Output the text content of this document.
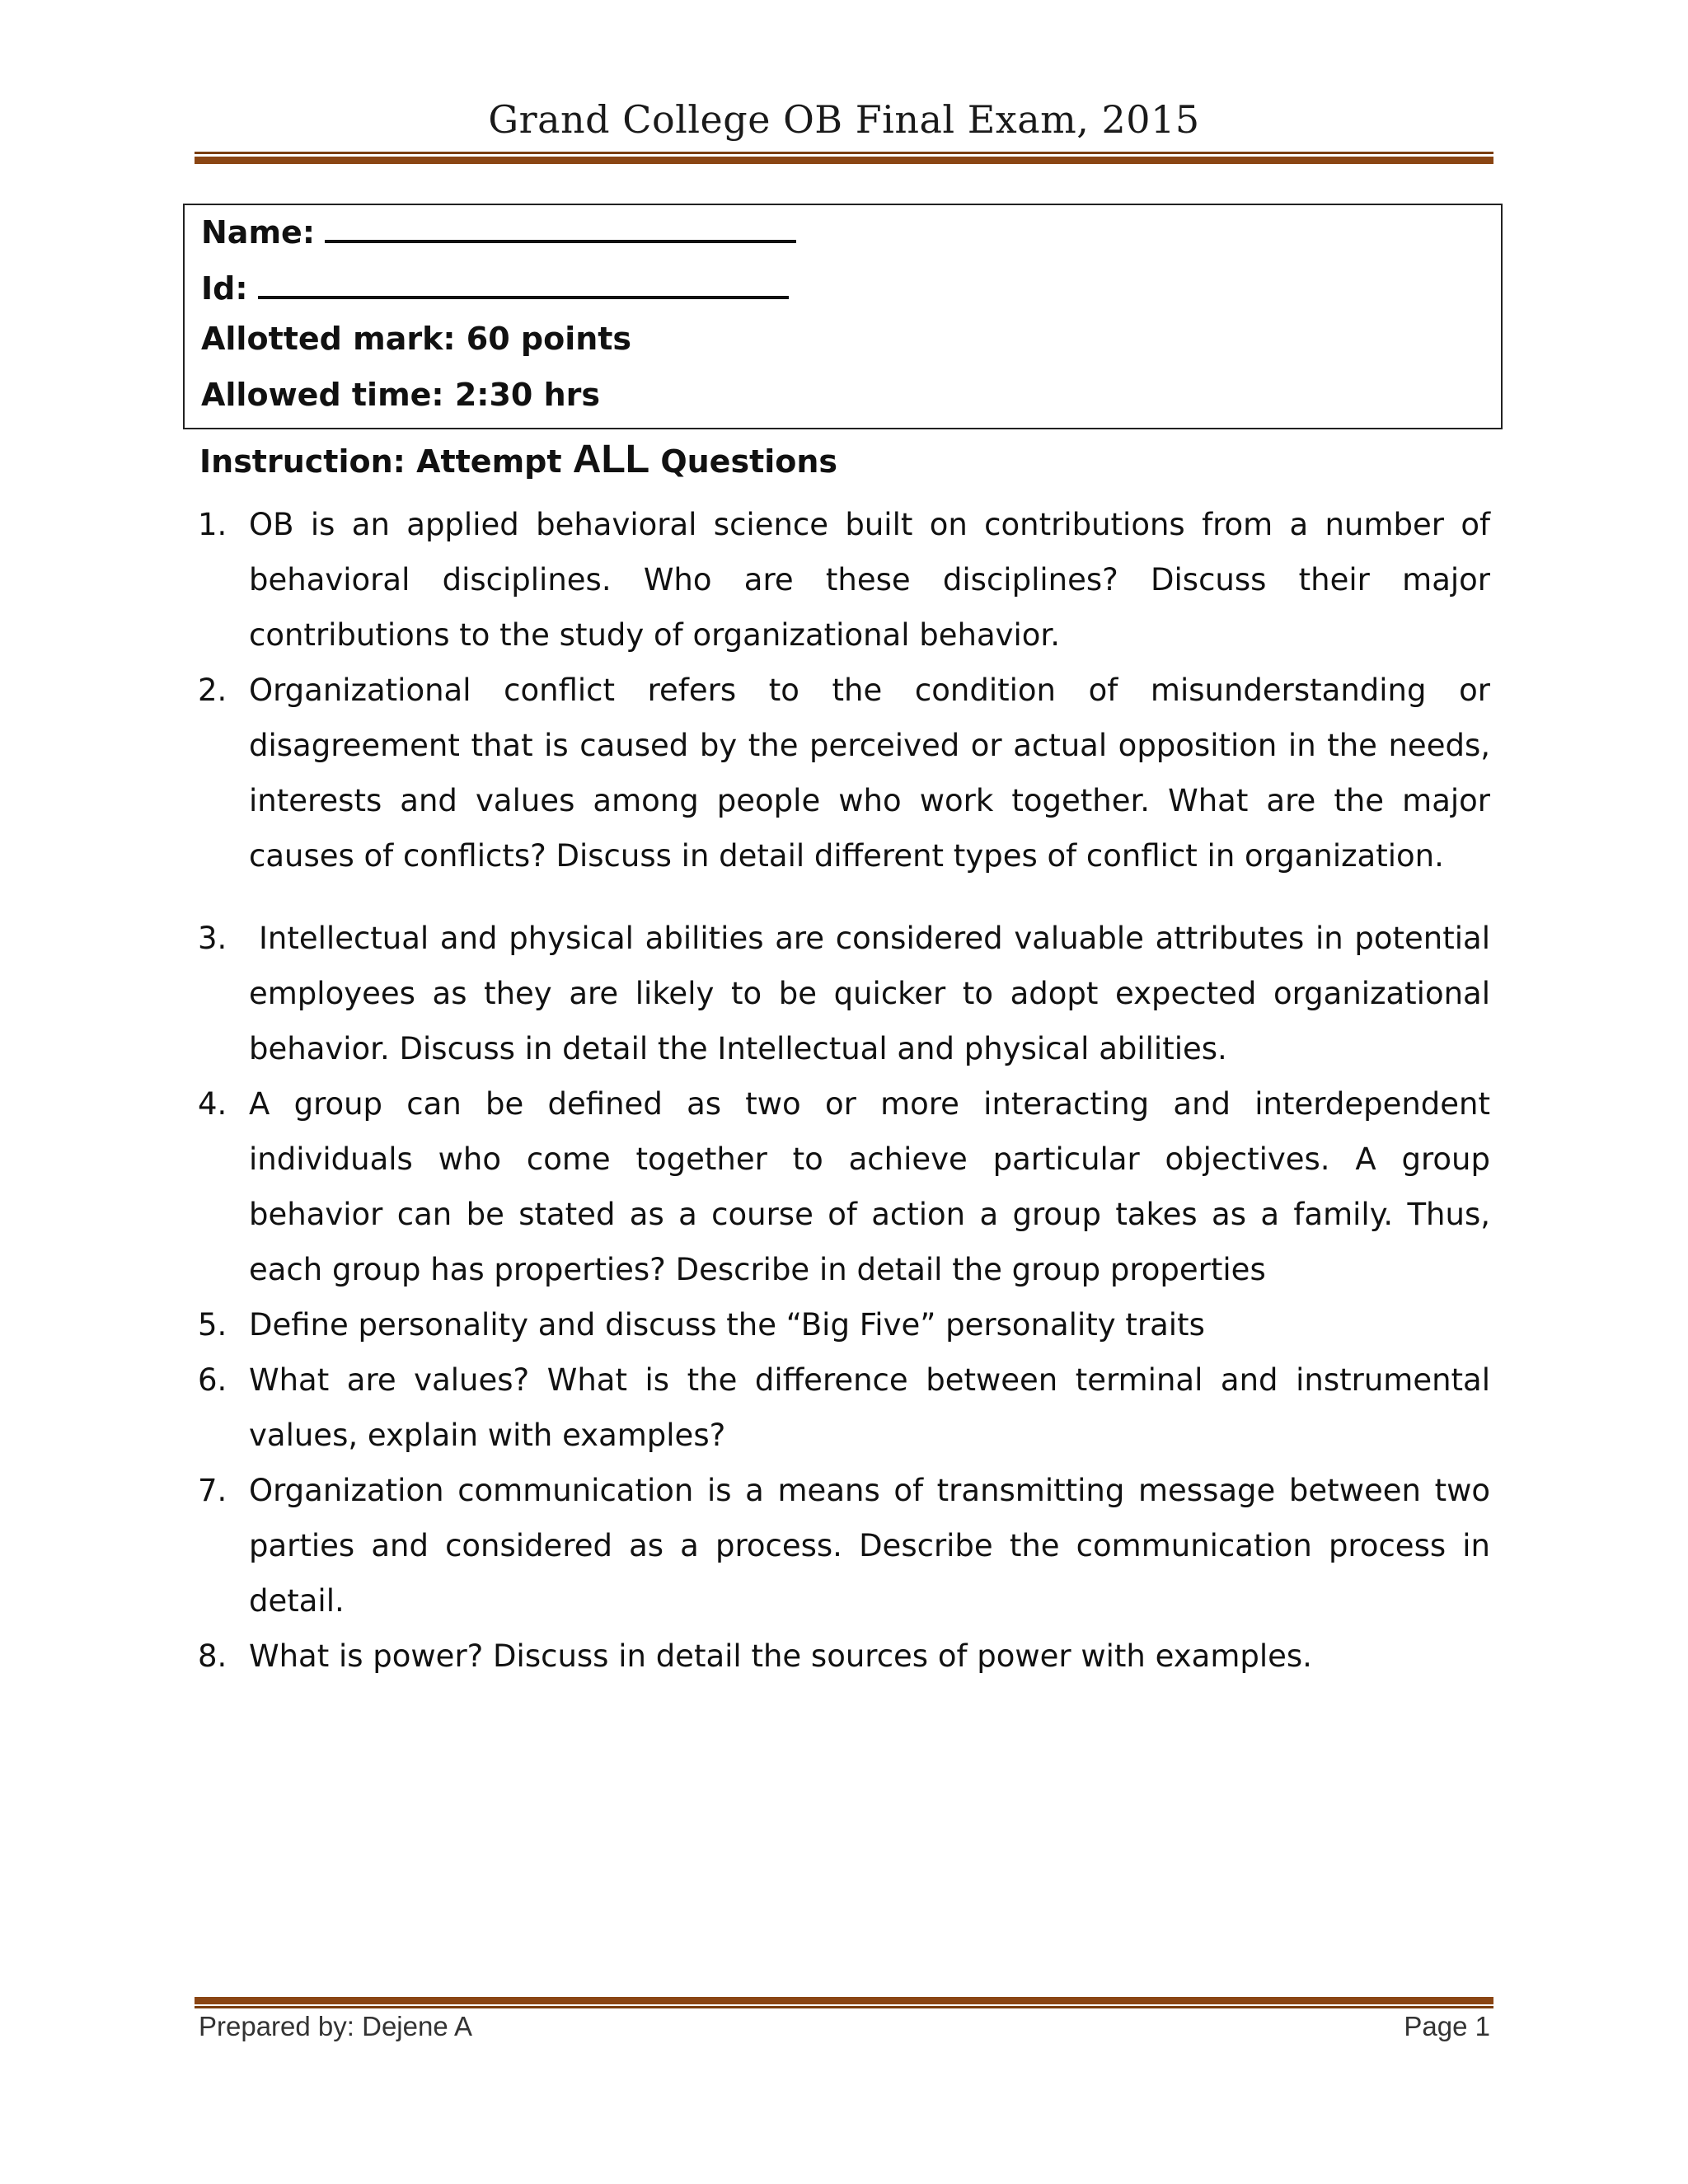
Grand College OB Final Exam, 2015
Name:
Id:
Allotted mark: 60 points
Allowed time: 2:30 hrs
Instruction: Attempt ALL Questions
1. OB is an applied behavioral science built on contributions from a number of behavioral disciplines. Who are these disciplines? Discuss their major contributions to the study of organizational behavior.
2. Organizational conflict refers to the condition of misunderstanding or disagreement that is caused by the perceived or actual opposition in the needs, interests and values among people who work together. What are the major causes of conflicts? Discuss in detail different types of conflict in organization.
3.	Intellectual and physical abilities are considered valuable attributes in potential employees as they are likely to be quicker to adopt expected organizational behavior. Discuss in detail the Intellectual and physical abilities.
4. A group can be defined as two or more interacting and interdependent individuals who come together to achieve particular objectives. A group behavior can be stated as a course of action a group takes as a family. Thus, each group has properties? Describe in detail the group properties
5. Define personality and discuss the “Big Five” personality traits
6. What are values? What is the difference between terminal and instrumental values, explain with examples?
7. Organization communication is a means of transmitting message between two parties and considered as a process. Describe the communication process in detail.
8. What is power? Discuss in detail the sources of power with examples.
Prepared by: Dejene A	Page 1
